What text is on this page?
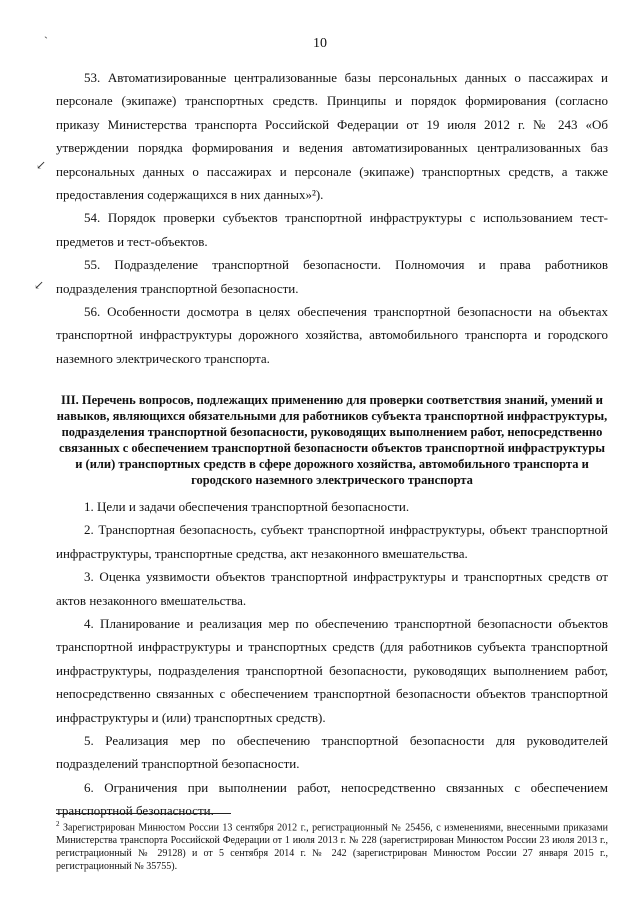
10
ˋ
↙
↙

53. Автоматизированные централизованные базы персональных данных о пассажирах и персонале (экипаже) транспортных средств. Принципы и порядок формирования (согласно приказу Министерства транспорта Российской Федерации от 19 июля 2012 г. № 243 «Об утверждении порядка формирования и ведения автоматизированных централизованных баз персональных данных о пассажирах и персонале (экипаже) транспортных средств, а также предоставления содержащихся в них данных»²).

54. Порядок проверки субъектов транспортной инфраструктуры с использованием тест-предметов и тест-объектов.

55. Подразделение транспортной безопасности. Полномочия и права работников подразделения транспортной безопасности.

56. Особенности досмотра в целях обеспечения транспортной безопасности на объектах транспортной инфраструктуры дорожного хозяйства, автомобильного транспорта и городского наземного электрического транспорта.

III. Перечень вопросов, подлежащих применению для проверки соответствия знаний, умений и навыков, являющихся обязательными для работников субъекта транспортной инфраструктуры, подразделения транспортной безопасности, руководящих выполнением работ, непосредственно связанных с обеспечением транспортной безопасности объектов транспортной инфраструктуры и (или) транспортных средств в сфере дорожного хозяйства, автомобильного транспорта и городского наземного электрического транспорта

1. Цели и задачи обеспечения транспортной безопасности.

2. Транспортная безопасность, субъект транспортной инфраструктуры, объект транспортной инфраструктуры, транспортные средства, акт незаконного вмешательства.

3. Оценка уязвимости объектов транспортной инфраструктуры и транспортных средств от актов незаконного вмешательства.

4. Планирование и реализация мер по обеспечению транспортной безопасности объектов транспортной инфраструктуры и транспортных средств (для работников субъекта транспортной инфраструктуры, подразделения транспортной безопасности, руководящих выполнением работ, непосредственно связанных с обеспечением транспортной безопасности объектов транспортной инфраструктуры и (или) транспортных средств).

5. Реализация мер по обеспечению транспортной безопасности для руководителей подразделений транспортной безопасности.

6. Ограничения при выполнении работ, непосредственно связанных с обеспечением транспортной безопасности.

$^2$ Зарегистрирован Минюстом России 13 сентября 2012 г., регистрационный № 25456, с изменениями, внесенными приказами Министерства транспорта Российской Федерации от 1 июля 2013 г. № 228 (зарегистрирован Минюстом России 23 июля 2013 г., регистрационный № 29128) и от 5 сентября 2014 г. № 242 (зарегистрирован Минюстом России 27 января 2015 г., регистрационный № 35755).
